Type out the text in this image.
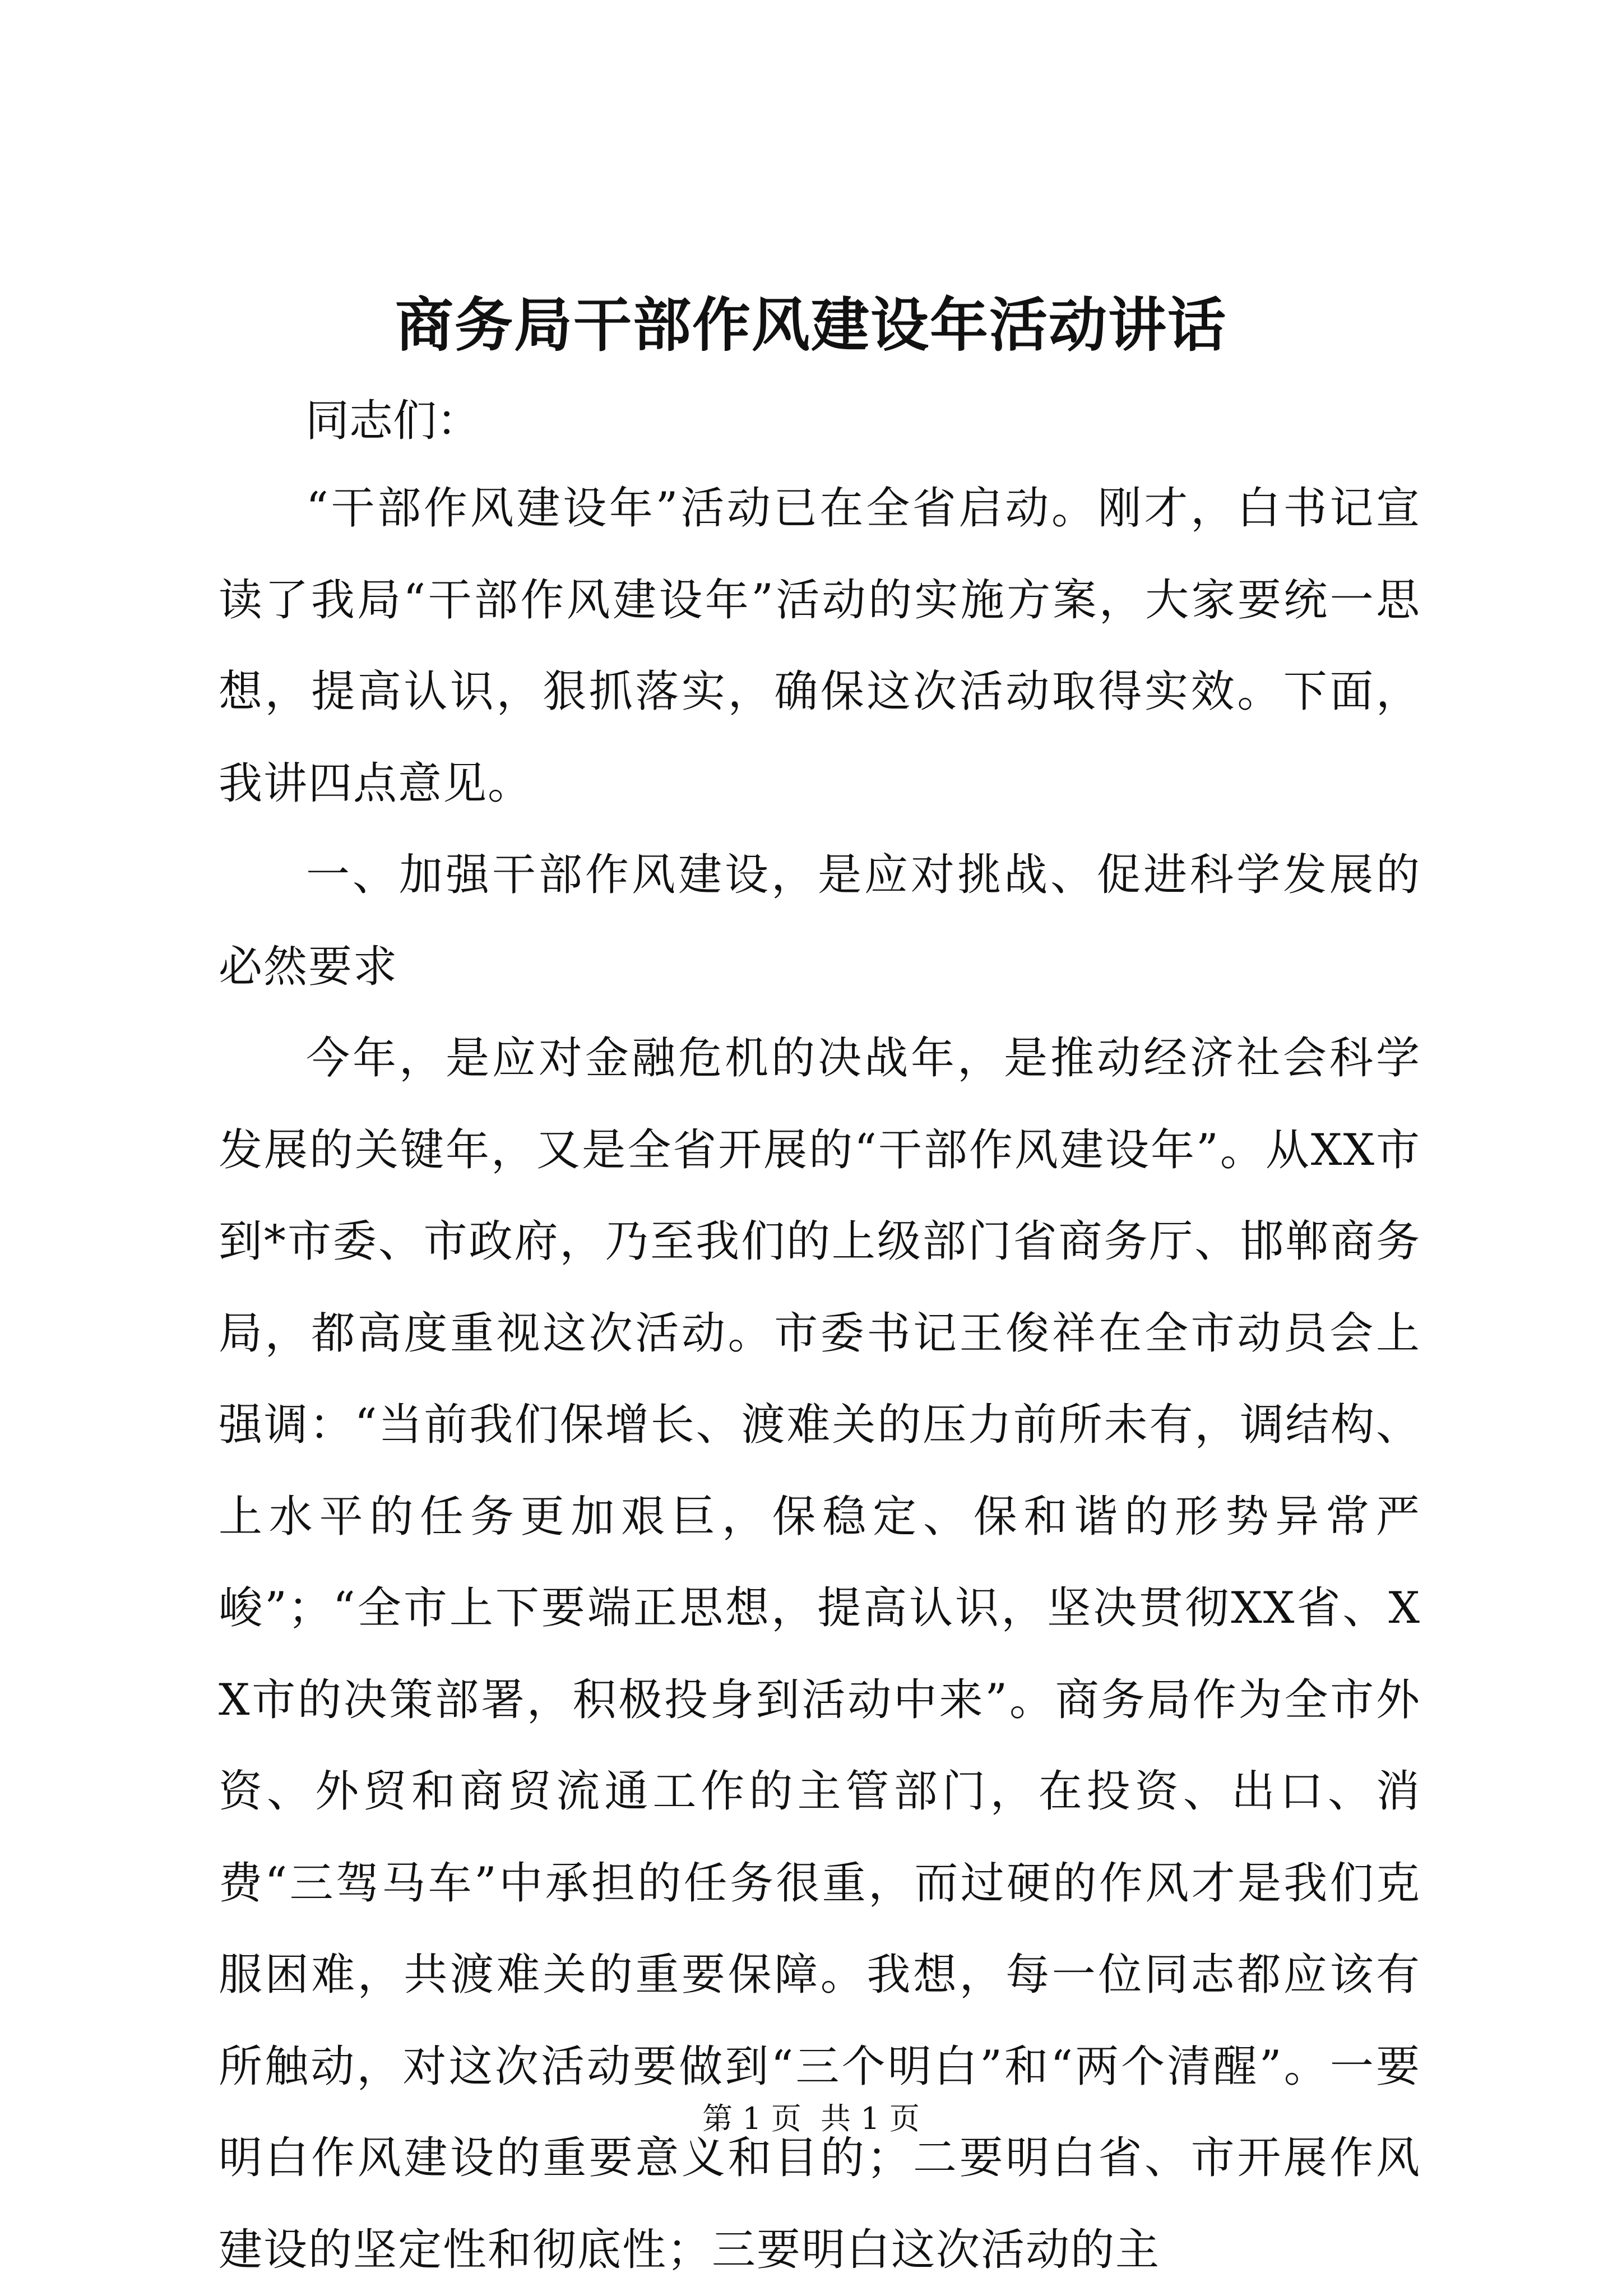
商务局干部作风建设年活动讲话

同志们：

“干部作风建设年”活动已在全省启动。刚才，白书记宣读了我局“干部作风建设年”活动的实施方案，大家要统一思想，提高认识，狠抓落实，确保这次活动取得实效。下面，我讲四点意见。

一、加强干部作风建设，是应对挑战、促进科学发展的必然要求

今年，是应对金融危机的决战年，是推动经济社会科学发展的关键年，又是全省开展的“干部作风建设年”。从XX市到*市委、市政府，乃至我们的上级部门省商务厅、邯郸商务局，都高度重视这次活动。市委书记王俊祥在全市动员会上强调：“当前我们保增长、渡难关的压力前所未有，调结构、上水平的任务更加艰巨，保稳定、保和谐的形势异常严峻”；“全市上下要端正思想，提高认识，坚决贯彻XX省、XX市的决策部署，积极投身到活动中来”。商务局作为全市外资、外贸和商贸流通工作的主管部门，在投资、出口、消费“三驾马车”中承担的任务很重，而过硬的作风才是我们克服困难，共渡难关的重要保障。我想，每一位同志都应该有所触动，对这次活动要做到“三个明白”和“两个清醒”。一要明白作风建设的重要意义和目的；二要明白省、市开展作风建设的坚定性和彻底性；三要明白这次活动的主

第 1 页 共 1 页
